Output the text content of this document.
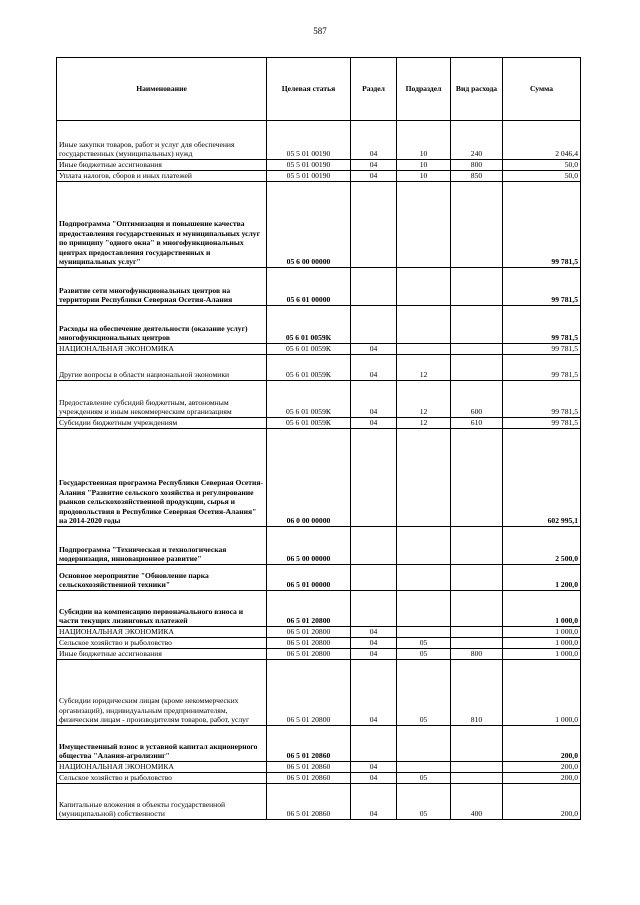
587
Наименование	Целевая статья	Раздел	Подраздел	Вид расхода	Сумма
Иные закупки товаров, работ и услуг для обеспечения государственных (муниципальных) нужд	05 5 01 00190	04	10	240	2 046,4
Иные бюджетные ассигнования	05 5 01 00190	04	10	800	50,0
Уплата налогов, сборов и иных платежей	05 5 01 00190	04	10	850	50,0
Подпрограмма "Оптимизация и повышение качества предоставления государственных и муниципальных услуг по принципу "одного окна" в многофункциональных центрах предоставления государственных и муниципальных услуг"	05 6 00 00000				99 781,5
Развитие сети многофункциональных центров на территории Республики Северная Осетия-Алания	05 6 01 00000				99 781,5
Расходы на обеспечение деятельности (оказание услуг) многофункциональных центров	05 6 01 0059К				99 781,5
НАЦИОНАЛЬНАЯ ЭКОНОМИКА	05 6 01 0059К	04			99 781,5
Другие вопросы в области национальной экономики	05 6 01 0059К	04	12		99 781,5
Предоставление субсидий бюджетным, автономным учреждениям и иным некоммерческим организациям	05 6 01 0059К	04	12	600	99 781,5
Субсидии бюджетным учреждениям	05 6 01 0059К	04	12	610	99 781,5
Государственная программа Республики Северная Осетия-Алания "Развитие сельского хозяйства и регулирование рынков сельскохозяйственной продукции, сырья и продовольствия в Республике Северная Осетия-Алания" на 2014-2020 годы	06 0 00 00000				602 995,1
Подпрограмма "Техническая и технологическая модернизация, инновационное развитие"	06 5 00 00000				2 500,0
Основное мероприятие "Обновление парка сельскохозяйственной техники"	06 5 01 00000				1 200,0
Субсидии на компенсацию первоначального взноса и части текущих лизинговых платежей	06 5 01 20800				1 000,0
НАЦИОНАЛЬНАЯ ЭКОНОМИКА	06 5 01 20800	04			1 000,0
Сельское хозяйство и рыболовство	06 5 01 20800	04	05		1 000,0
Иные бюджетные ассигнования	06 5 01 20800	04	05	800	1 000,0
Субсидии юридическим лицам (кроме некоммерческих организаций), индивидуальным предпринимателям, физическим лицам - производителям товаров, работ, услуг	06 5 01 20800	04	05	810	1 000,0
Имущественный взнос в уставной капитал акционерного общества "Алания-агролизинг"	06 5 01 20860				200,0
НАЦИОНАЛЬНАЯ ЭКОНОМИКА	06 5 01 20860	04			200,0
Сельское хозяйство и рыболовство	06 5 01 20860	04	05		200,0
Капитальные вложения в объекты государственной (муниципальной) собственности	06 5 01 20860	04	05	400	200,0
